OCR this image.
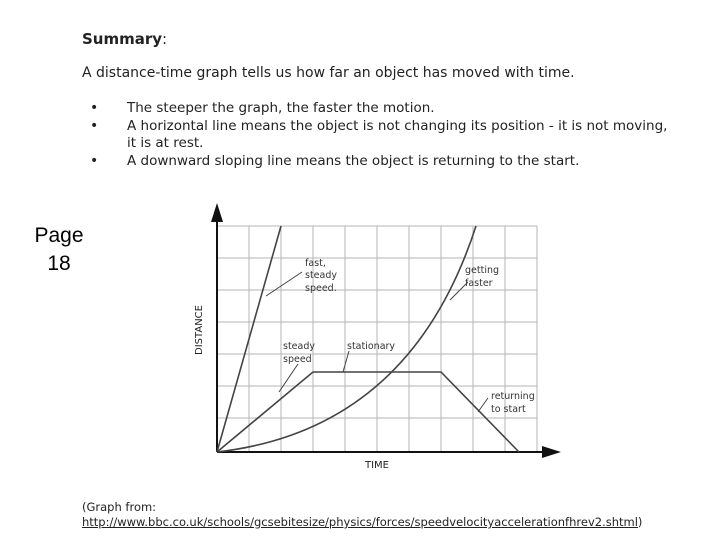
Summary:
A distance-time graph tells us how far an object has moved with time.
• The steeper the graph, the faster the motion.
• A horizontal line means the object is not changing its position - it is not moving, it is at rest.
• A downward sloping line means the object is returning to the start.
Page
18	fast,
steady
speed.
getting
faster
steady
speed
stationary
returning
to start
TIME
DISTANCE
(Graph from:
http://www.bbc.co.uk/schools/gcsebitesize/physics/forces/speedvelocityaccelerationfhrev2.shtml)
